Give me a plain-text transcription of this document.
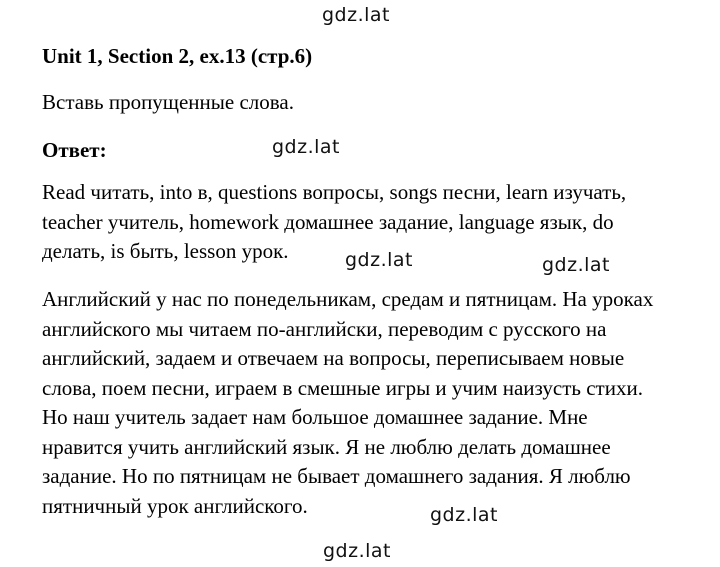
gdz.lat
gdz.lat
gdz.lat	gdz.lat
gdz.lat
gdz.lat
Unit 1, Section 2, ex.13 (стр.6)
Вставь пропущенные слова.
Ответ:
Read читать, into в, questions вопросы, songs песни, learn изучать,
teacher учитель, homework домашнее задание, language язык, do
делать, is быть, lesson урок.
Английский у нас по понедельникам, средам и пятницам. На уроках
английского мы читаем по-английски, переводим с русского на
английский, задаем и отвечаем на вопросы, переписываем новые
слова, поем песни, играем в смешные игры и учим наизусть стихи.
Но наш учитель задает нам большое домашнее задание. Мне
нравится учить английский язык. Я не люблю делать домашнее
задание. Но по пятницам не бывает домашнего задания. Я люблю
пятничный урок английского.
